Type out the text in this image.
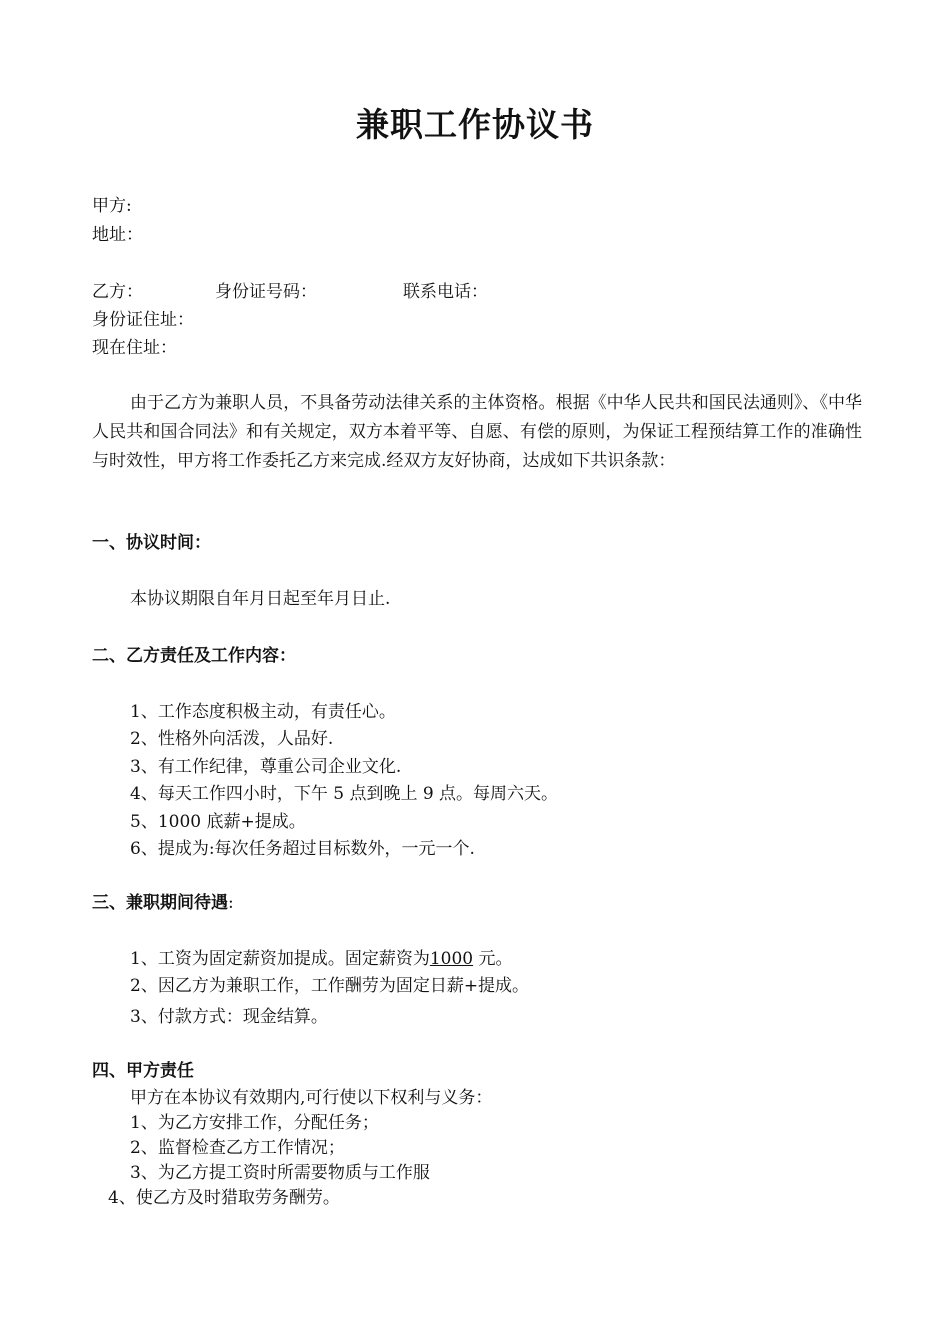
兼职工作协议书
甲方:
地址：
乙方：	身份证号码：	联系电话：
身份证住址：
现在住址：
由于乙方为兼职人员，不具备劳动法律关系的主体资格。根据《中华人民共和国民法通则》、《中华人民共和国合同法》和有关规定，双方本着平等、自愿、有偿的原则，为保证工程预结算工作的准确性与时效性，甲方将工作委托乙方来完成.经双方友好协商，达成如下共识条款：
一、协议时间：
本协议期限自年月日起至年月日止.
二、乙方责任及工作内容：
1、工作态度积极主动，有责任心。
2、性格外向活泼，人品好.
3、有工作纪律，尊重公司企业文化.
4、每天工作四小时，下午 5 点到晚上 9 点。每周六天。
5、1000 底薪+提成。
6、提成为:每次任务超过目标数外，一元一个.
三、兼职期间待遇:
1、工资为固定薪资加提成。固定薪资为1000 元。
2、因乙方为兼职工作，工作酬劳为固定日薪+提成。
3、付款方式：现金结算。
四、甲方责任
甲方在本协议有效期内,可行使以下权利与义务：
1、为乙方安排工作，分配任务；
2、监督检查乙方工作情况；
3、为乙方提工资时所需要物质与工作服
4、使乙方及时猎取劳务酬劳。
